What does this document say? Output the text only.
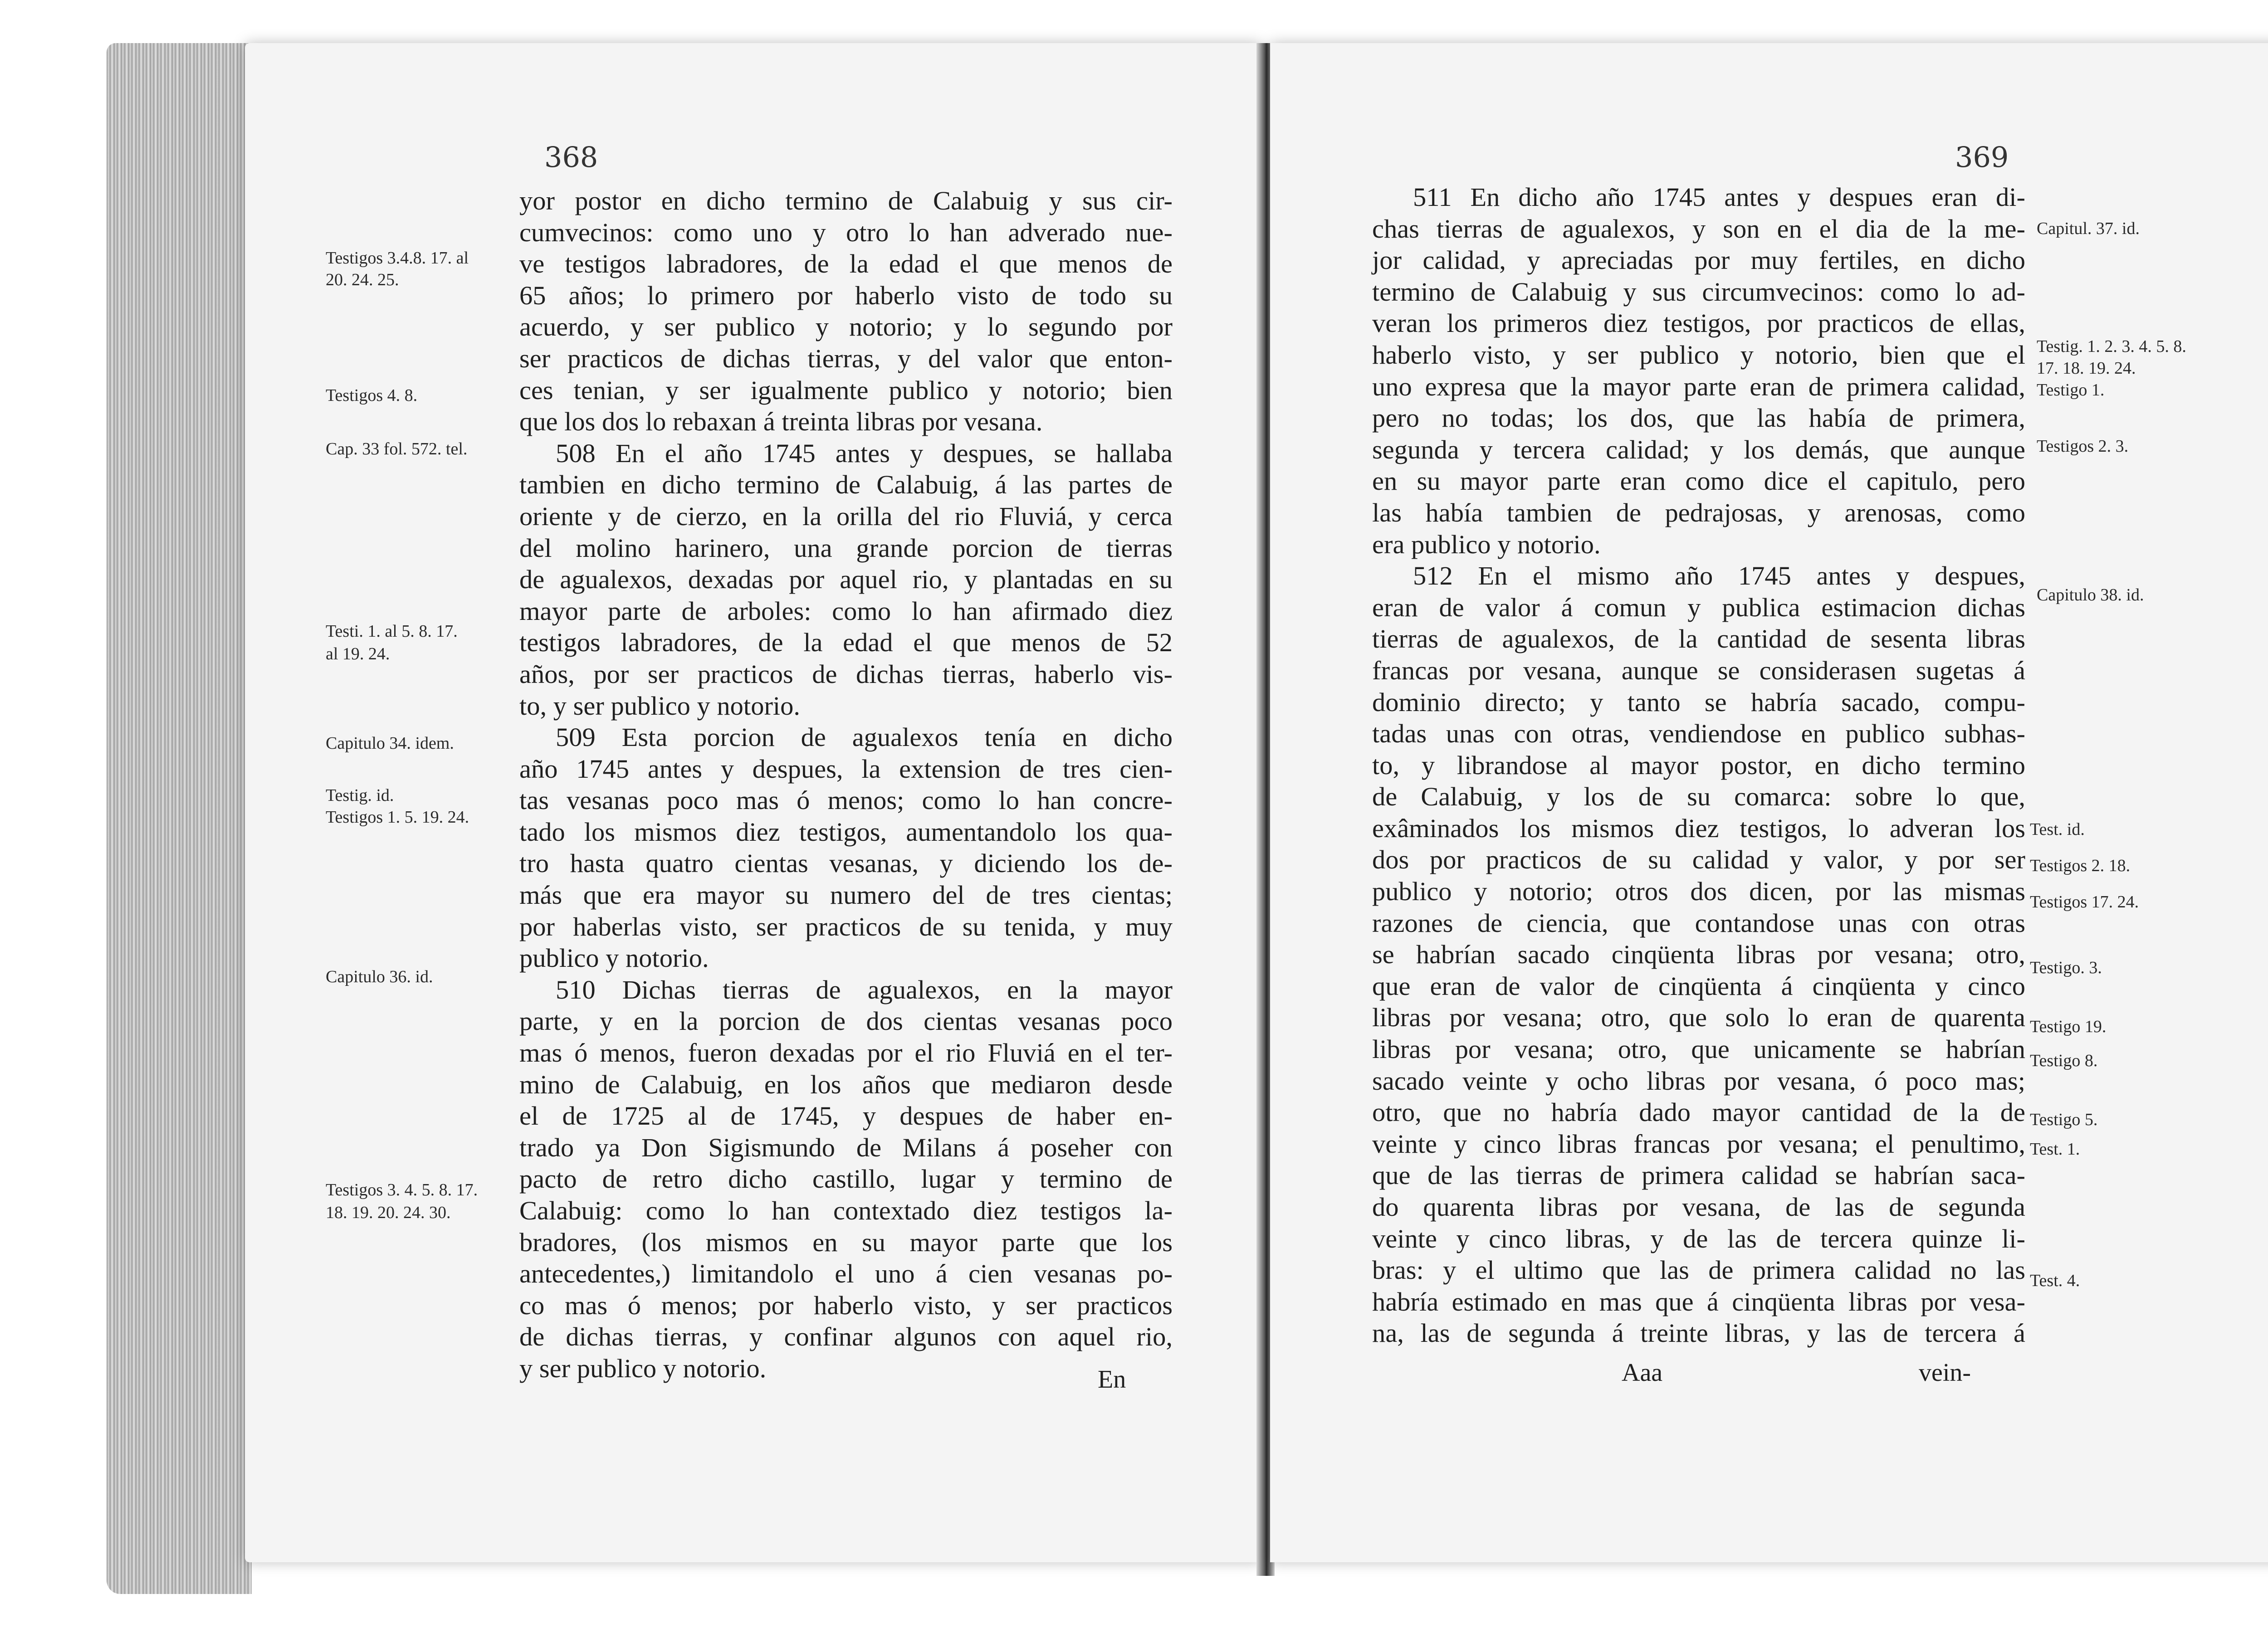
368
yor postor en dicho termino de Calabuig y sus cir-
cumvecinos: como uno y otro lo han adverado nue-
ve testigos labradores, de la edad el que menos de
65 años; lo primero por haberlo visto de todo su
acuerdo, y ser publico y notorio; y lo segundo por
ser practicos de dichas tierras, y del valor que enton-
ces tenian, y ser igualmente publico y notorio; bien
que los dos lo rebaxan á treinta libras por vesana.
508 En el año 1745 antes y despues, se hallaba
tambien en dicho termino de Calabuig, á las partes de
oriente y de cierzo, en la orilla del rio Fluviá, y cerca
del molino harinero, una grande porcion de tierras
de agualexos, dexadas por aquel rio, y plantadas en su
mayor parte de arboles: como lo han afirmado diez
testigos labradores, de la edad el que menos de 52
años, por ser practicos de dichas tierras, haberlo vis-
to, y ser publico y notorio.
509 Esta porcion de agualexos tenía en dicho
año 1745 antes y despues, la extension de tres cien-
tas vesanas poco mas ó menos; como lo han concre-
tado los mismos diez testigos, aumentandolo los qua-
tro hasta quatro cientas vesanas, y diciendo los de-
más que era mayor su numero del de tres cientas;
por haberlas visto, ser practicos de su tenida, y muy
publico y notorio.
510 Dichas tierras de agualexos, en la mayor
parte, y en la porcion de dos cientas vesanas poco
mas ó menos, fueron dexadas por el rio Fluviá en el ter-
mino de Calabuig, en los años que mediaron desde
el de 1725 al de 1745, y despues de haber en-
trado ya Don Sigismundo de Milans á poseher con
pacto de retro dicho castillo, lugar y termino de
Calabuig: como lo han contextado diez testigos la-
bradores, (los mismos en su mayor parte que los
antecedentes,) limitandolo el uno á cien vesanas po-
co mas ó menos; por haberlo visto, y ser practicos
de dichas tierras, y confinar algunos con aquel rio,
y ser publico y notorio.	En
Testigos 3.4.8. 17. al
20. 24. 25.
Testigos 4. 8.
Cap. 33 fol. 572. tel.
Testi. 1. al 5. 8. 17.
al 19. 24.
Capitulo 34. idem.
Testig. id.
Testigos 1. 5. 19. 24.
Capitulo 36. id.
Testigos 3. 4. 5. 8. 17.
18. 19. 20. 24. 30.
369
511 En dicho año 1745 antes y despues eran di-
chas tierras de agualexos, y son en el dia de la me-
jor calidad, y apreciadas por muy fertiles, en dicho
termino de Calabuig y sus circumvecinos: como lo ad-
veran los primeros diez testigos, por practicos de ellas,
haberlo visto, y ser publico y notorio, bien que el
uno expresa que la mayor parte eran de primera calidad,
pero no todas; los dos, que las había de primera,
segunda y tercera calidad; y los demás, que aunque
en su mayor parte eran como dice el capitulo, pero
las había tambien de pedrajosas, y arenosas, como
era publico y notorio.
512 En el mismo año 1745 antes y despues,
eran de valor á comun y publica estimacion dichas
tierras de agualexos, de la cantidad de sesenta libras
francas por vesana, aunque se considerasen sugetas á
dominio directo; y tanto se habría sacado, compu-
tadas unas con otras, vendiendose en publico subhas-
to, y librandose al mayor postor, en dicho termino
de Calabuig, y los de su comarca: sobre lo que,
exâminados los mismos diez testigos, lo adveran los
dos por practicos de su calidad y valor, y por ser
publico y notorio; otros dos dicen, por las mismas
razones de ciencia, que contandose unas con otras
se habrían sacado cinqüenta libras por vesana; otro,
que eran de valor de cinqüenta á cinqüenta y cinco
libras por vesana; otro, que solo lo eran de quarenta
libras por vesana; otro, que unicamente se habrían
sacado veinte y ocho libras por vesana, ó poco mas;
otro, que no habría dado mayor cantidad de la de
veinte y cinco libras francas por vesana; el penultimo,
que de las tierras de primera calidad se habrían saca-
do quarenta libras por vesana, de las de segunda
veinte y cinco libras, y de las de tercera quinze li-
bras: y el ultimo que las de primera calidad no las
habría estimado en mas que á cinqüenta libras por vesa-
na, las de segunda á treinte libras, y las de tercera á
Aaa	vein-
Capitul. 37. id.
Testig. 1. 2. 3. 4. 5. 8.
17. 18. 19. 24.
Testigo 1.
Testigos 2. 3.
Capitulo 38. id.
Test. id.
Testigos 2. 18.
Testigos 17. 24.
Testigo. 3.
Testigo 19.
Testigo 8.
Testigo 5.
Test. 1.
Test. 4.
